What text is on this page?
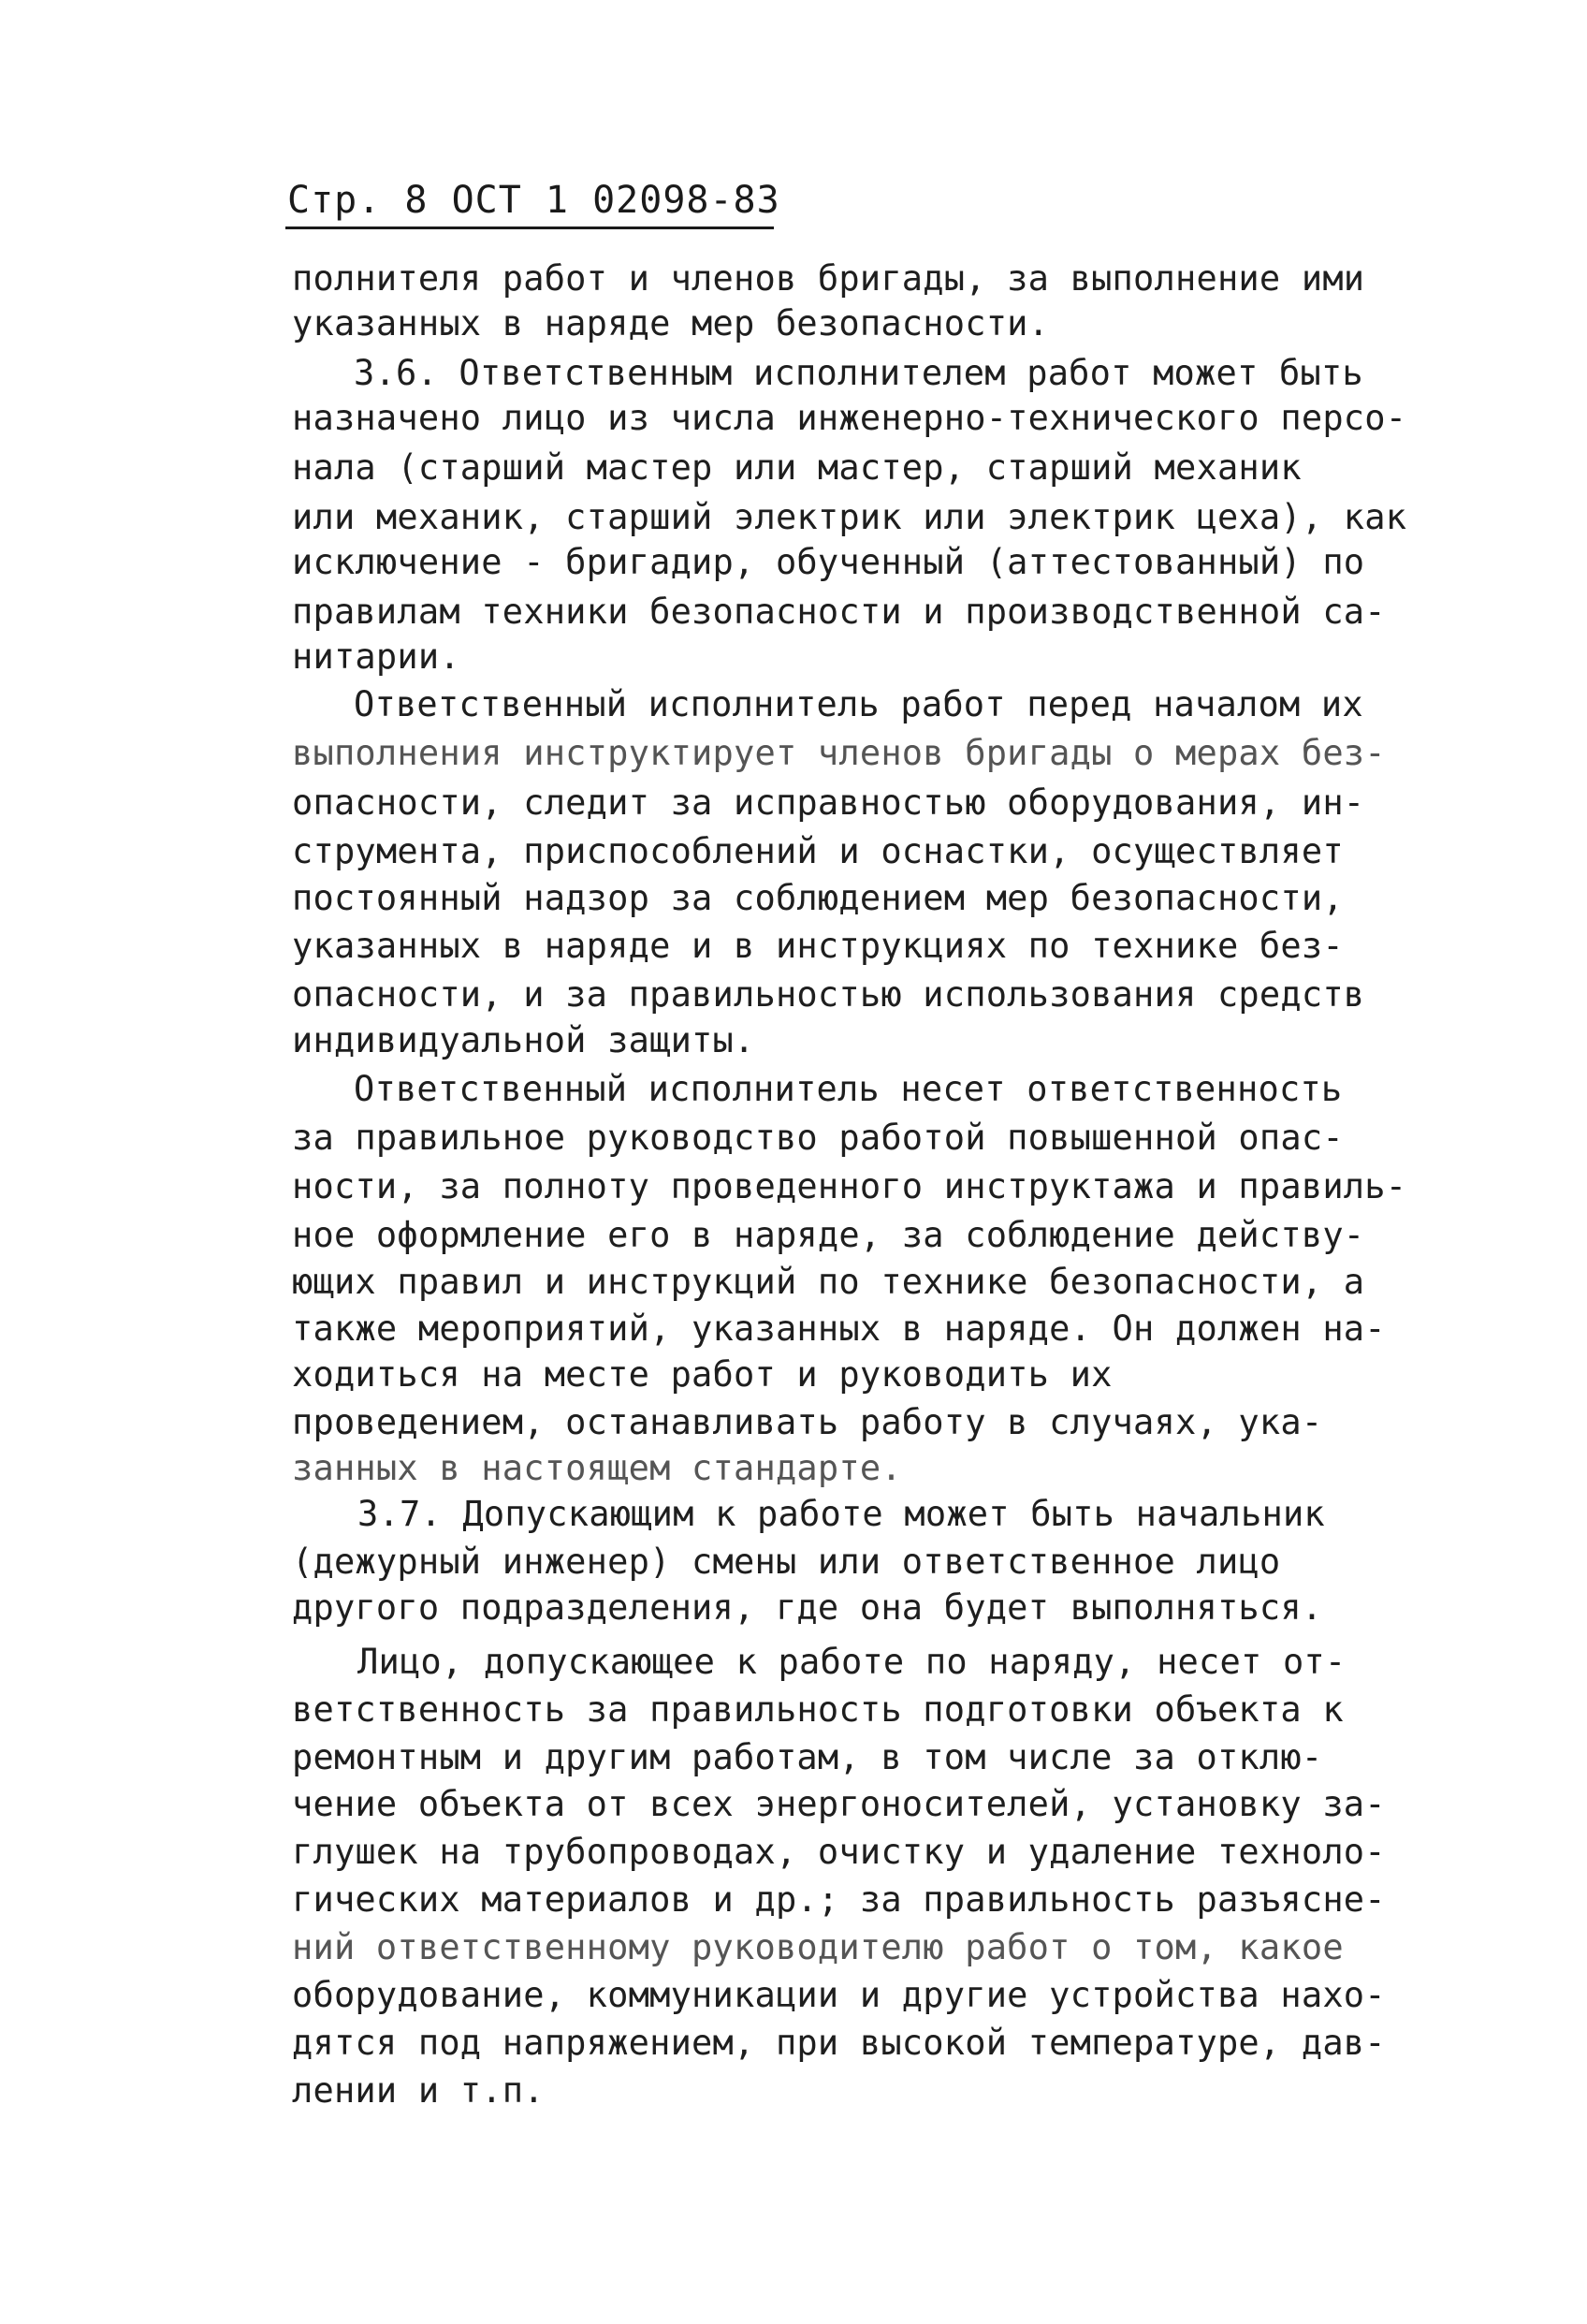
Стр. 8 ОСТ 1 02098-83
полнителя работ и членов бригады, за выполнение ими
указанных в наряде мер безопасности.
3.6. Ответственным исполнителем работ может быть
назначено лицо из числа инженерно-технического персо-
нала (старший мастер или мастер, старший механик
или механик, старший электрик или электрик цеха), как
исключение - бригадир, обученный (аттестованный) по
правилам техники безопасности и производственной са-
нитарии.
Ответственный исполнитель работ перед началом их
выполнения инструктирует членов бригады о мерах без-
опасности, следит за исправностью оборудования, ин-
струмента, приспособлений и оснастки, осуществляет
постоянный надзор за соблюдением мер безопасности,
указанных в наряде и в инструкциях по технике без-
опасности, и за правильностью использования средств
индивидуальной защиты.
Ответственный исполнитель несет ответственность
за правильное руководство работой повышенной опас-
ности, за полноту проведенного инструктажа и правиль-
ное оформление его в наряде, за соблюдение действу-
ющих правил и инструкций по технике безопасности, а
также мероприятий, указанных в наряде. Он должен на-
ходиться на месте работ и руководить их
проведением, останавливать работу в случаях, ука-
занных в настоящем стандарте.
3.7. Допускающим к работе может быть начальник
(дежурный инженер) смены или ответственное лицо
другого подразделения, где она будет выполняться.
Лицо, допускающее к работе по наряду, несет от-
ветственность за правильность подготовки объекта к
ремонтным и другим работам, в том числе за отклю-
чение объекта от всех энергоносителей, установку за-
глушек на трубопроводах, очистку и удаление техноло-
гических материалов и др.; за правильность разъясне-
ний ответственному руководителю работ о том, какое
оборудование, коммуникации и другие устройства нахо-
дятся под напряжением, при высокой температуре, дав-
лении и т.п.
